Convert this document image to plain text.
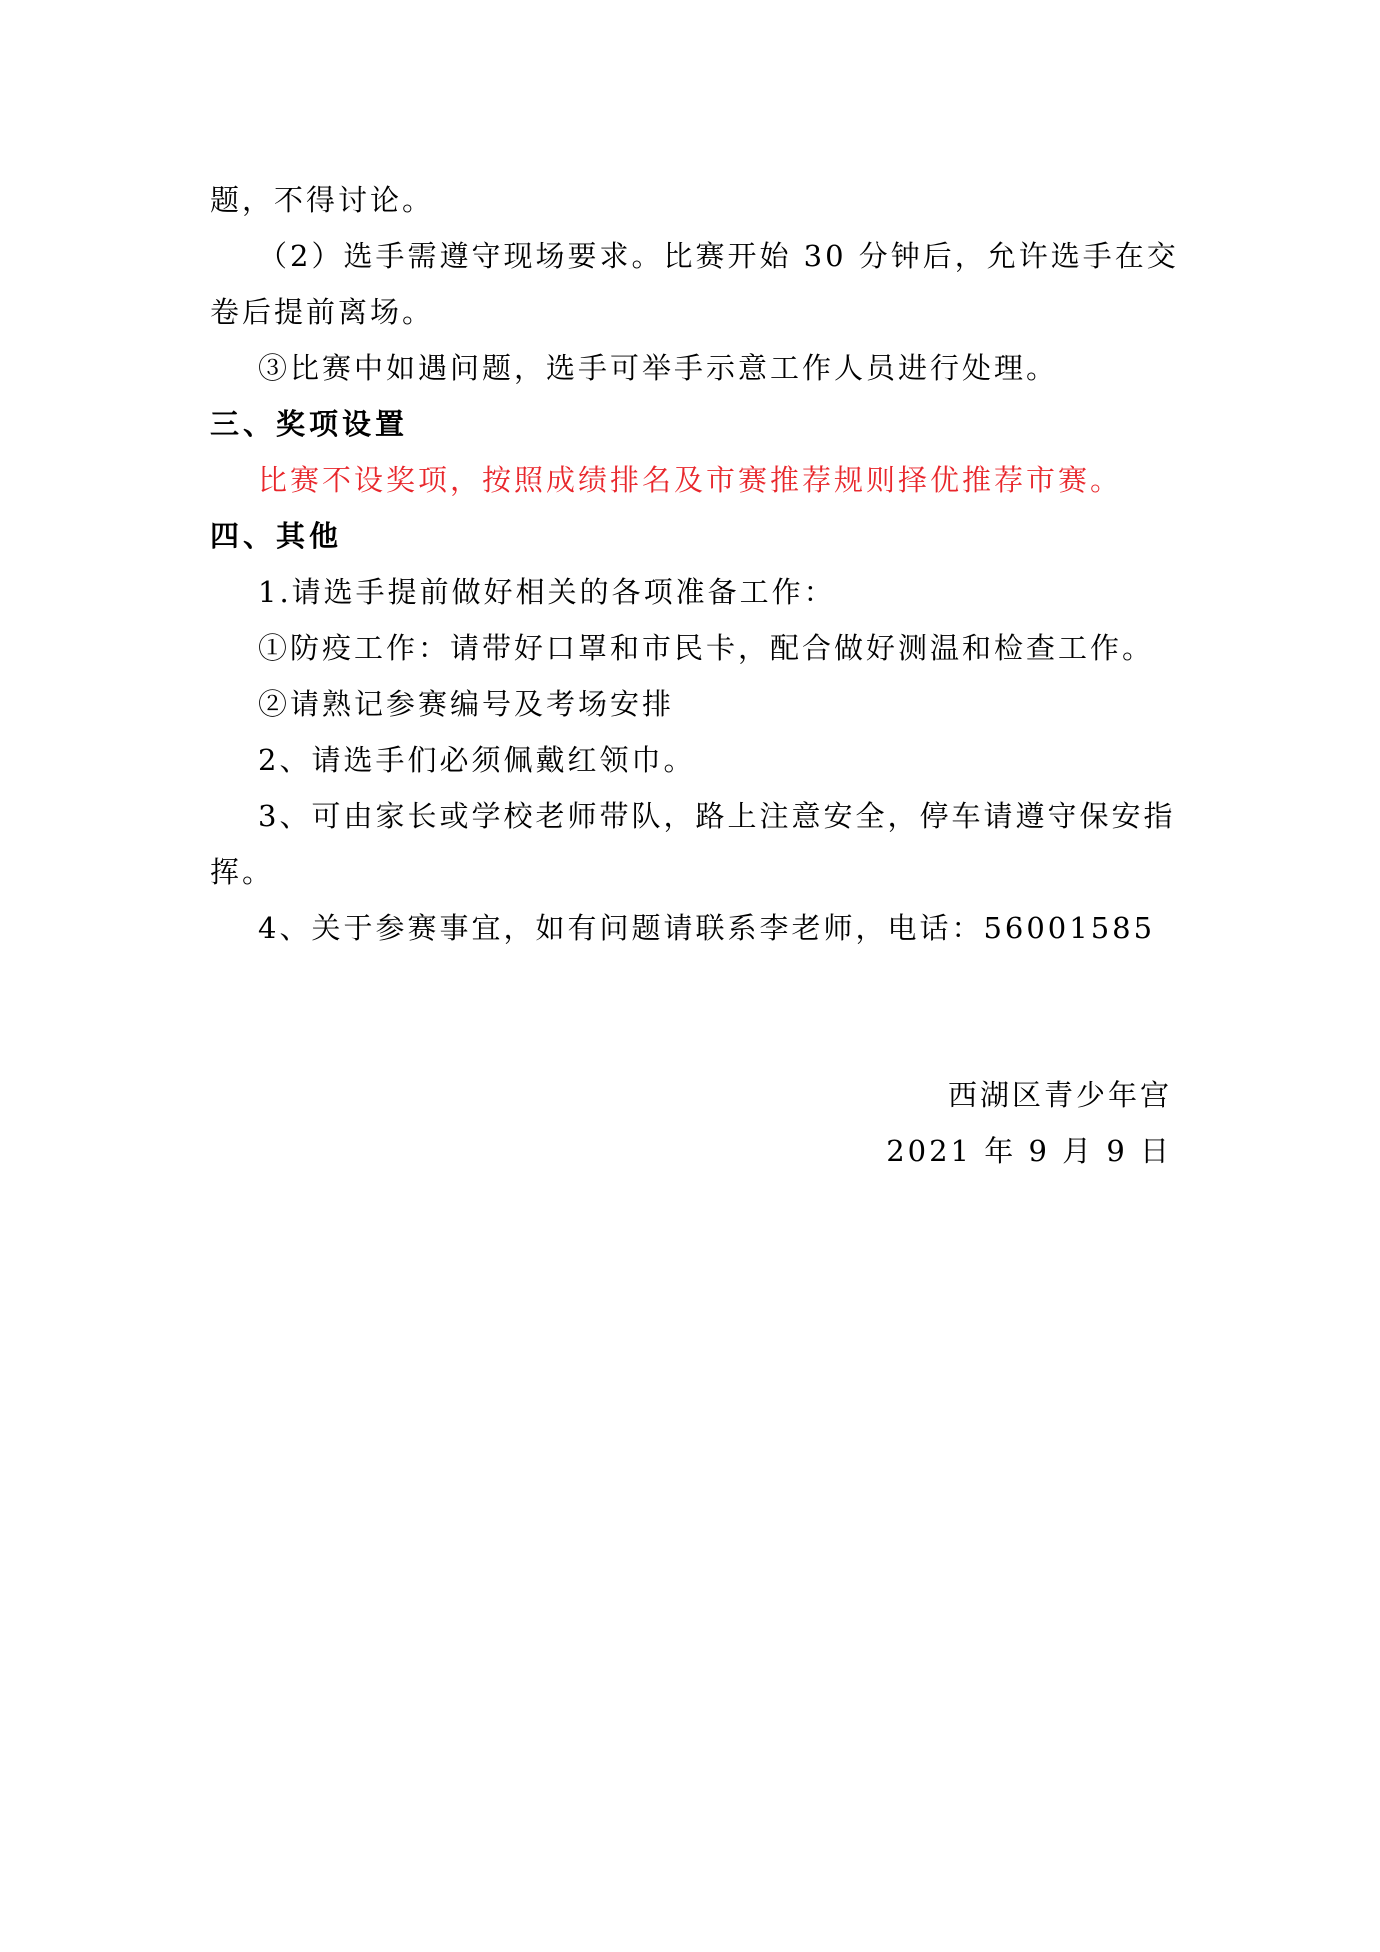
题，不得讨论。
（2）选手需遵守现场要求。比赛开始 30 分钟后，允许选手在交
卷后提前离场。
③比赛中如遇问题，选手可举手示意工作人员进行处理。
三、奖项设置
比赛不设奖项，按照成绩排名及市赛推荐规则择优推荐市赛。
四、其他
1.请选手提前做好相关的各项准备工作：
①防疫工作：请带好口罩和市民卡，配合做好测温和检查工作。
②请熟记参赛编号及考场安排
2、请选手们必须佩戴红领巾。
3、可由家长或学校老师带队，路上注意安全，停车请遵守保安指
挥。
4、关于参赛事宜，如有问题请联系李老师，电话：56001585
西湖区青少年宫
2021 年 9 月 9 日
